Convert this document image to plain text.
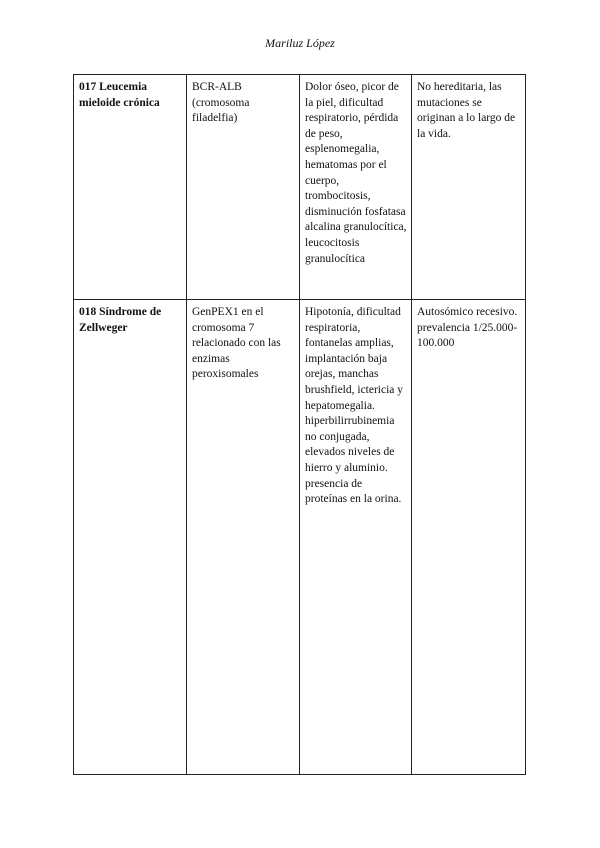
Mariluz López
017 Leucemia mieloide crónica	BCR-ALB (cromosoma filadelfia)	Dolor óseo, picor de la piel, dificultad respiratorio, pérdida de peso, esplenomegalia, hematomas por el cuerpo, trombocitosis, disminución fosfatasa alcalina granulocítica, leucocitosis granulocítica	No hereditaria, las mutaciones se originan a lo largo de la vida.
018 Síndrome de Zellweger	GenPEX1 en el cromosoma 7 relacionado con las enzimas peroxisomales	Hipotonía, dificultad respiratoria, fontanelas amplias, implantación baja orejas, manchas brushfield, ictericia y hepatomegalia. hiperbilirrubinemia no conjugada, elevados niveles de hierro y aluminio. presencia de proteínas en la orina.	Autosómico recesivo. prevalencia 1/25.000-100.000
